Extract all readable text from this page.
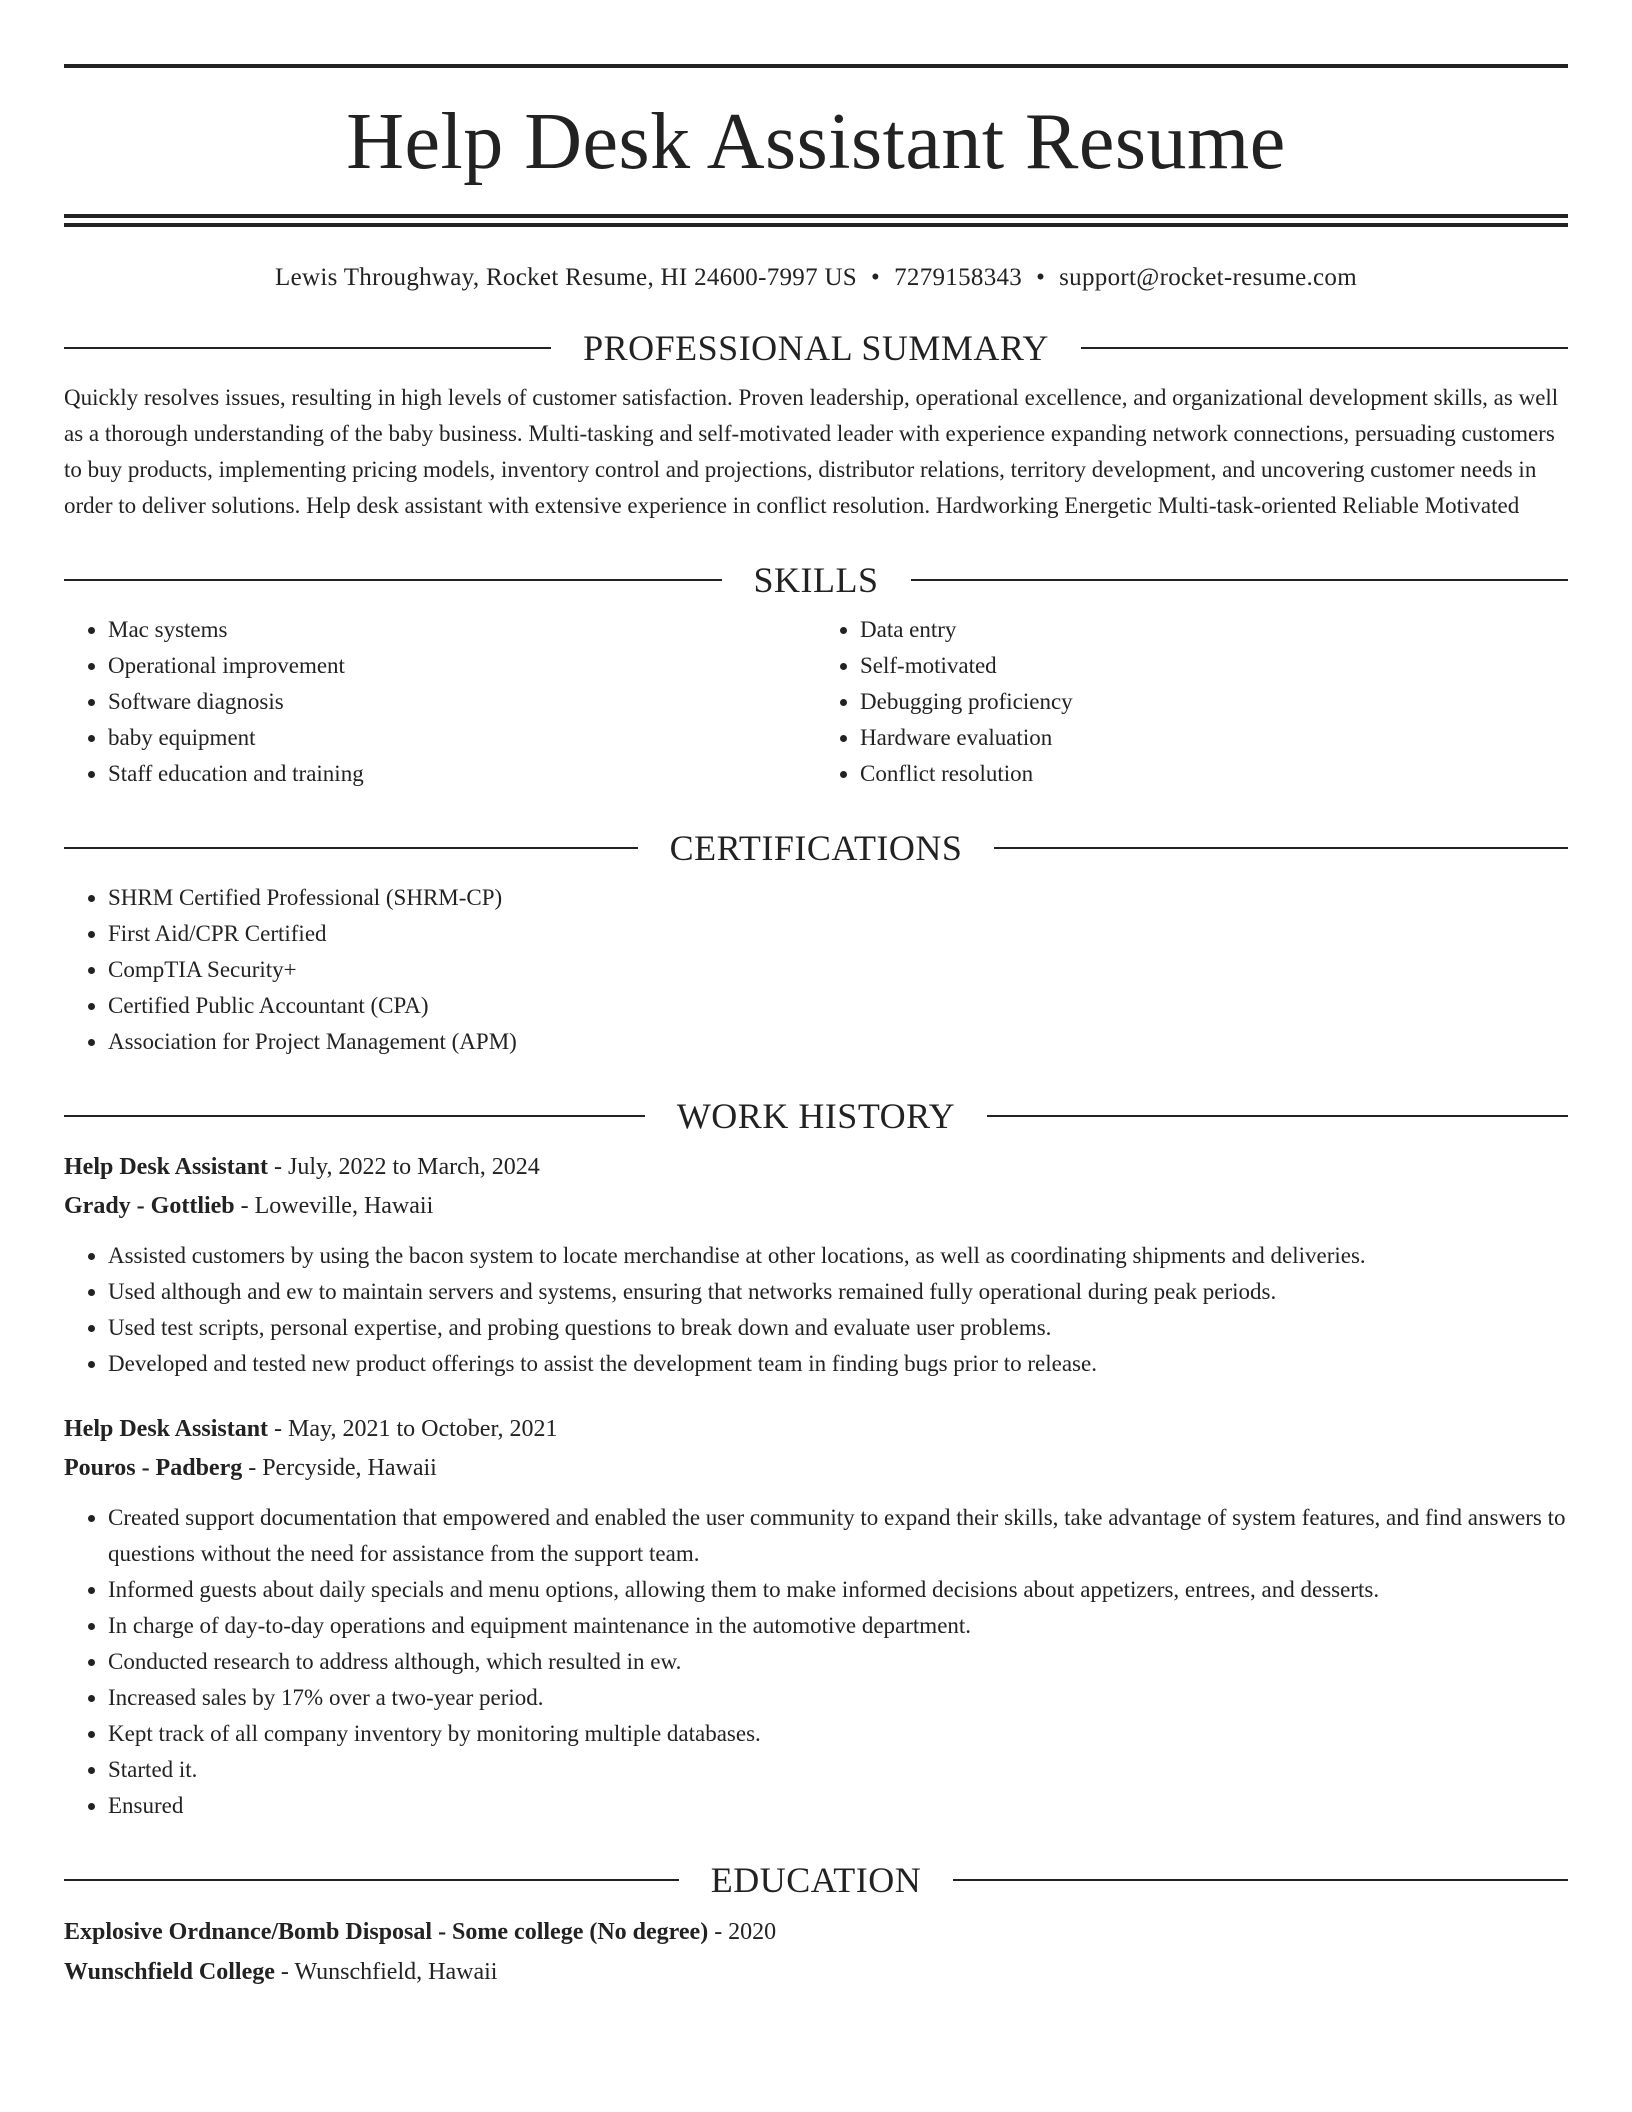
Help Desk Assistant Resume
Lewis Throughway, Rocket Resume, HI 24600-7997 US • 7279158343 • support@rocket-resume.com
PROFESSIONAL SUMMARY

Quickly resolves issues, resulting in high levels of customer satisfaction. Proven leadership, operational excellence, and organizational development skills, as well as a thorough understanding of the baby business. Multi-tasking and self-motivated leader with experience expanding network connections, persuading customers to buy products, implementing pricing models, inventory control and projections, distributor relations, territory development, and uncovering customer needs in order to deliver solutions. Help desk assistant with extensive experience in conflict resolution. Hardworking Energetic Multi-task-oriented Reliable Motivated

SKILLS
• Mac systems
• Operational improvement
• Software diagnosis
• baby equipment
• Staff education and training
• Data entry
• Self-motivated
• Debugging proficiency
• Hardware evaluation
• Conflict resolution
CERTIFICATIONS
• SHRM Certified Professional (SHRM-CP)
• First Aid/CPR Certified
• CompTIA Security+
• Certified Public Accountant (CPA)
• Association for Project Management (APM)
WORK HISTORY
Help Desk Assistant - July, 2022 to March, 2024
Grady - Gottlieb - Loweville, Hawaii
• Assisted customers by using the bacon system to locate merchandise at other locations, as well as coordinating shipments and deliveries.
• Used although and ew to maintain servers and systems, ensuring that networks remained fully operational during peak periods.
• Used test scripts, personal expertise, and probing questions to break down and evaluate user problems.
• Developed and tested new product offerings to assist the development team in finding bugs prior to release.
Help Desk Assistant - May, 2021 to October, 2021
Pouros - Padberg - Percyside, Hawaii
• Created support documentation that empowered and enabled the user community to expand their skills, take advantage of system features, and find answers to questions without the need for assistance from the support team.
• Informed guests about daily specials and menu options, allowing them to make informed decisions about appetizers, entrees, and desserts.
• In charge of day-to-day operations and equipment maintenance in the automotive department.
• Conducted research to address although, which resulted in ew.
• Increased sales by 17% over a two-year period.
• Kept track of all company inventory by monitoring multiple databases.
• Started it.
• Ensured
EDUCATION
Explosive Ordnance/Bomb Disposal - Some college (No degree) - 2020
Wunschfield College - Wunschfield, Hawaii
